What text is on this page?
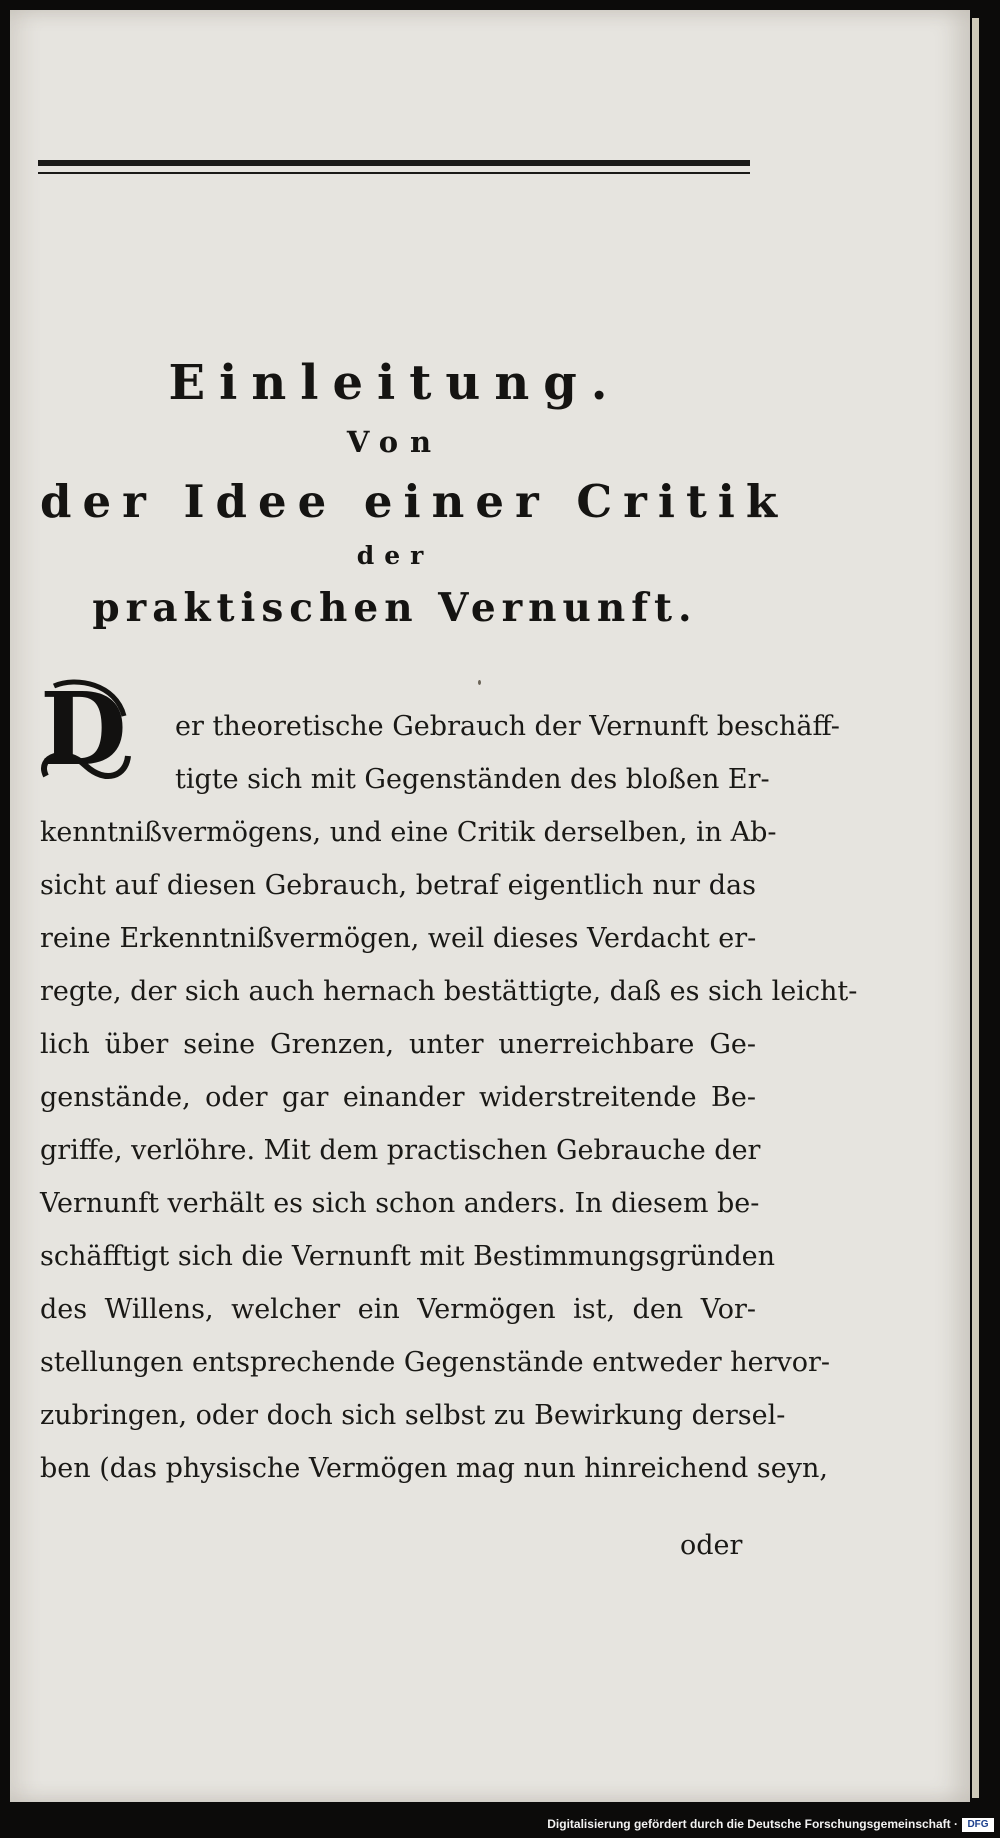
Einleitung.
Von
der Idee einer Critik
der
praktischen Vernunft.
D er theoretische Gebrauch der Vernunft beschäff-
tigte sich mit Gegenständen des bloßen Er-
kenntnißvermögens, und eine Critik derselben, in Ab-
sicht auf diesen Gebrauch, betraf eigentlich nur das
reine Erkenntnißvermögen, weil dieses Verdacht er-
regte, der sich auch hernach bestättigte, daß es sich leicht-
lich über seine Grenzen, unter unerreichbare Ge-
genstände, oder gar einander widerstreitende Be-
griffe, verlöhre. Mit dem practischen Gebrauche der
Vernunft verhält es sich schon anders. In diesem be-
schäfftigt sich die Vernunft mit Bestimmungsgründen
des Willens, welcher ein Vermögen ist, den Vor-
stellungen entsprechende Gegenstände entweder hervor-
zubringen, oder doch sich selbst zu Bewirkung dersel-
ben (das physische Vermögen mag nun hinreichend seyn,
oder
Digitalisierung gefördert durch die Deutsche Forschungsgemeinschaft · DFG
